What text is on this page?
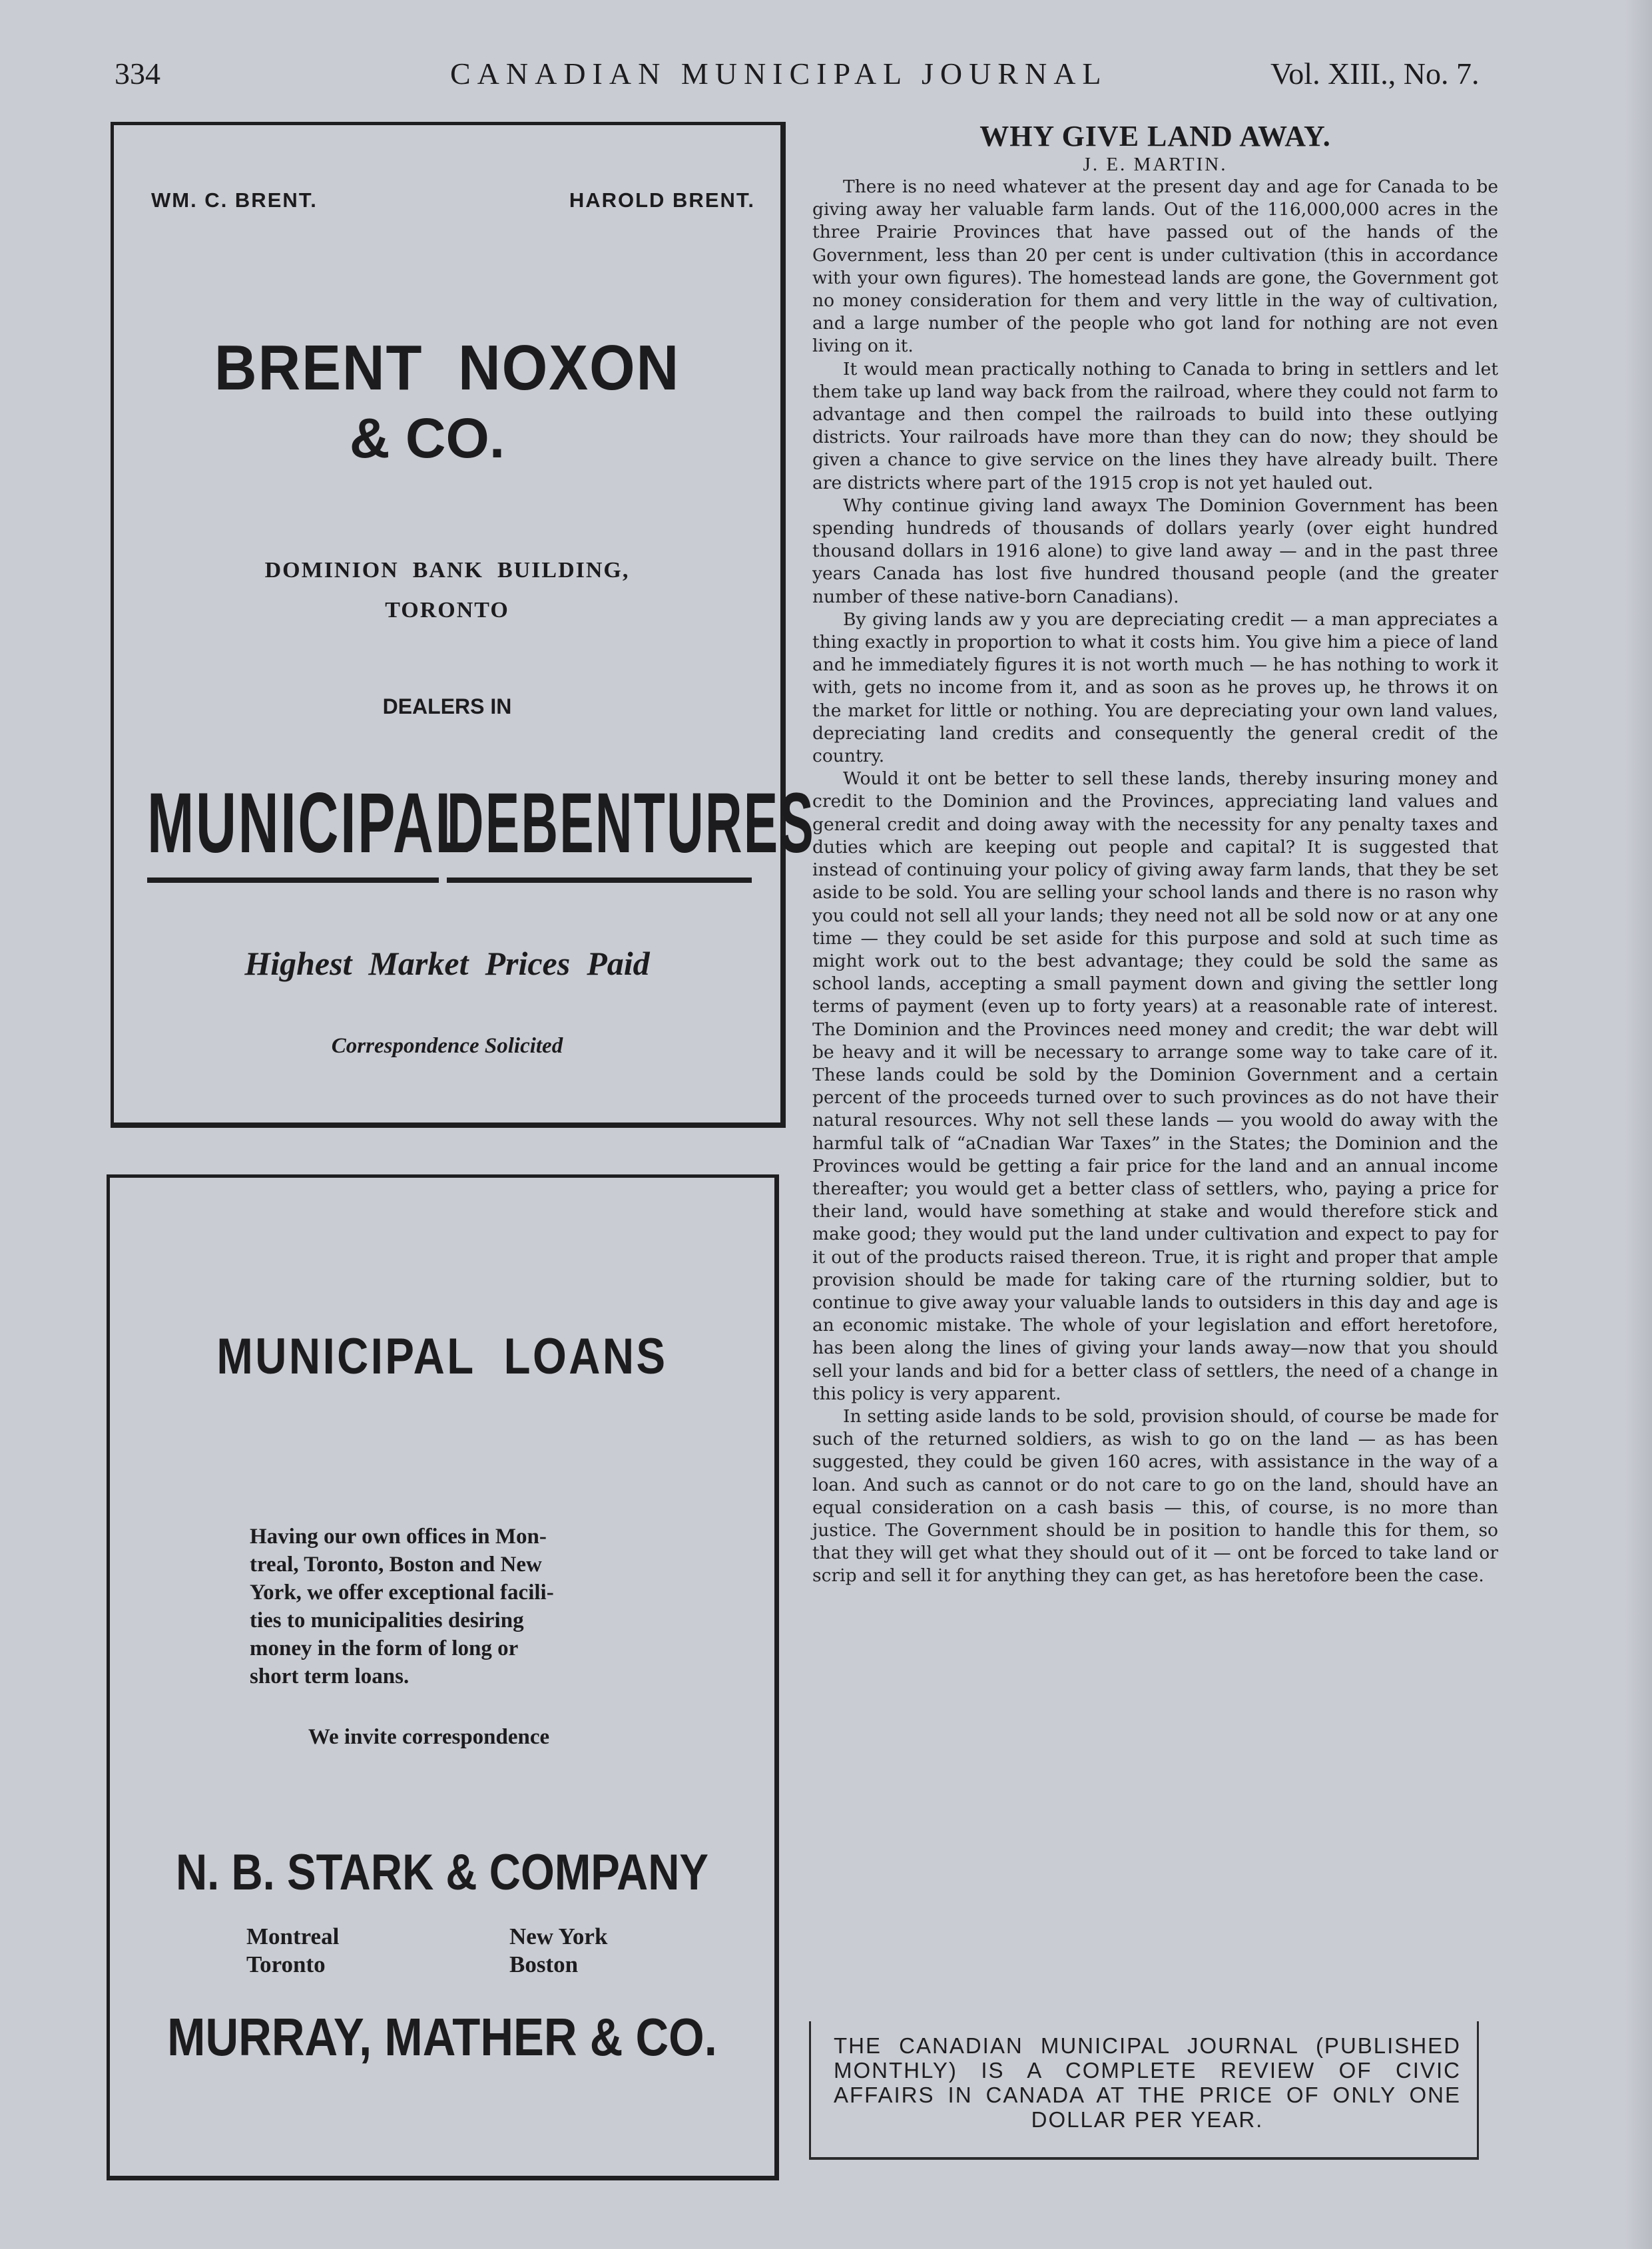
334	CANADIAN MUNICIPAL JOURNAL	Vol. XIII., No. 7.
WM. C. BRENT.	HAROLD BRENT.
BRENT  NOXON
& CO.
DOMINION  BANK  BUILDING,
TORONTO
DEALERS IN
MUNICIPAL
DEBENTURES
Highest  Market  Prices  Paid
Correspondence Solicited
MUNICIPAL  LOANS
Having our own offices in Mon-
treal, Toronto, Boston and New
York, we offer exceptional facili-
ties to municipalities desiring
money in the form of long or
short term loans.
We invite correspondence
N. B. STARK & COMPANY
Montreal	New York
Toronto	Boston
MURRAY, MATHER & CO.
WHY GIVE LAND AWAY.
J. E. MARTIN.

There is no need whatever at the present day and age for Canada to be giving away her valuable farm lands. Out of the 116,000,000 acres in the three Prairie Provinces that have passed out of the hands of the Government, less than 20 per cent is under cultivation (this in accordance with your own figures). The homestead lands are gone, the Government got no money consideration for them and very little in the way of cultivation, and a large number of the people who got land for nothing are not even living on it.

It would mean practically nothing to Canada to bring in settlers and let them take up land way back from the railroad, where they could not farm to advantage and then compel the railroads to build into these outlying districts. Your railroads have more than they can do now; they should be given a chance to give service on the lines they have already built. There are districts where part of the 1915 crop is not yet hauled out.

Why continue giving land awayx The Dominion Government has been spending hundreds of thousands of dollars yearly (over eight hundred thousand dollars in 1916 alone) to give land away — and in the past three years Canada has lost five hundred thousand people (and the greater number of these native-born Canadians).

By giving lands aw y you are depreciating credit — a man appreciates a thing exactly in proportion to what it costs him. You give him a piece of land and he immediately figures it is not worth much — he has nothing to work it with, gets no income from it, and as soon as he proves up, he throws it on the market for little or nothing. You are depreciating your own land values, depreciating land credits and consequently the general credit of the country.

Would it ont be better to sell these lands, thereby insuring money and credit to the Dominion and the Provinces, appreciating land values and general credit and doing away with the necessity for any penalty taxes and duties which are keeping out people and capital? It is suggested that instead of continuing your policy of giving away farm lands, that they be set aside to be sold. You are selling your school lands and there is no rason why you could not sell all your lands; they need not all be sold now or at any one time — they could be set aside for this purpose and sold at such time as might work out to the best advantage; they could be sold the same as school lands, accepting a small payment down and giving the settler long terms of payment (even up to forty years) at a reasonable rate of interest. The Dominion and the Provinces need money and credit; the war debt will be heavy and it will be necessary to arrange some way to take care of it. These lands could be sold by the Dominion Government and a certain percent of the proceeds turned over to such provinces as do not have their natural resources. Why not sell these lands — you woold do away with the harmful talk of “aCnadian War Taxes” in the States; the Dominion and the Provinces would be getting a fair price for the land and an annual income thereafter; you would get a better class of settlers, who, paying a price for their land, would have something at stake and would therefore stick and make good; they would put the land under cultivation and expect to pay for it out of the products raised thereon. True, it is right and proper that ample provision should be made for taking care of the rturning soldier, but to continue to give away your valuable lands to outsiders in this day and age is an economic mistake. The whole of your legislation and effort heretofore, has been along the lines of giving your lands away—now that you should sell your lands and bid for a better class of settlers, the need of a change in this policy is very apparent.

In setting aside lands to be sold, provision should, of course be made for such of the returned soldiers, as wish to go on the land — as has been suggested, they could be given 160 acres, with assistance in the way of a loan. And such as cannot or do not care to go on the land, should have an equal consideration on a cash basis — this, of course, is no more than justice. The Government should be in position to handle this for them, so that they will get what they should out of it — ont be forced to take land or scrip and sell it for anything they can get, as has heretofore been the case.

THE CANADIAN MUNICIPAL JOURNAL (PUBLISHED MONTHLY) IS A COMPLETE REVIEW OF CIVIC AFFAIRS IN CANADA AT THE PRICE OF ONLY ONE DOLLAR PER YEAR.
